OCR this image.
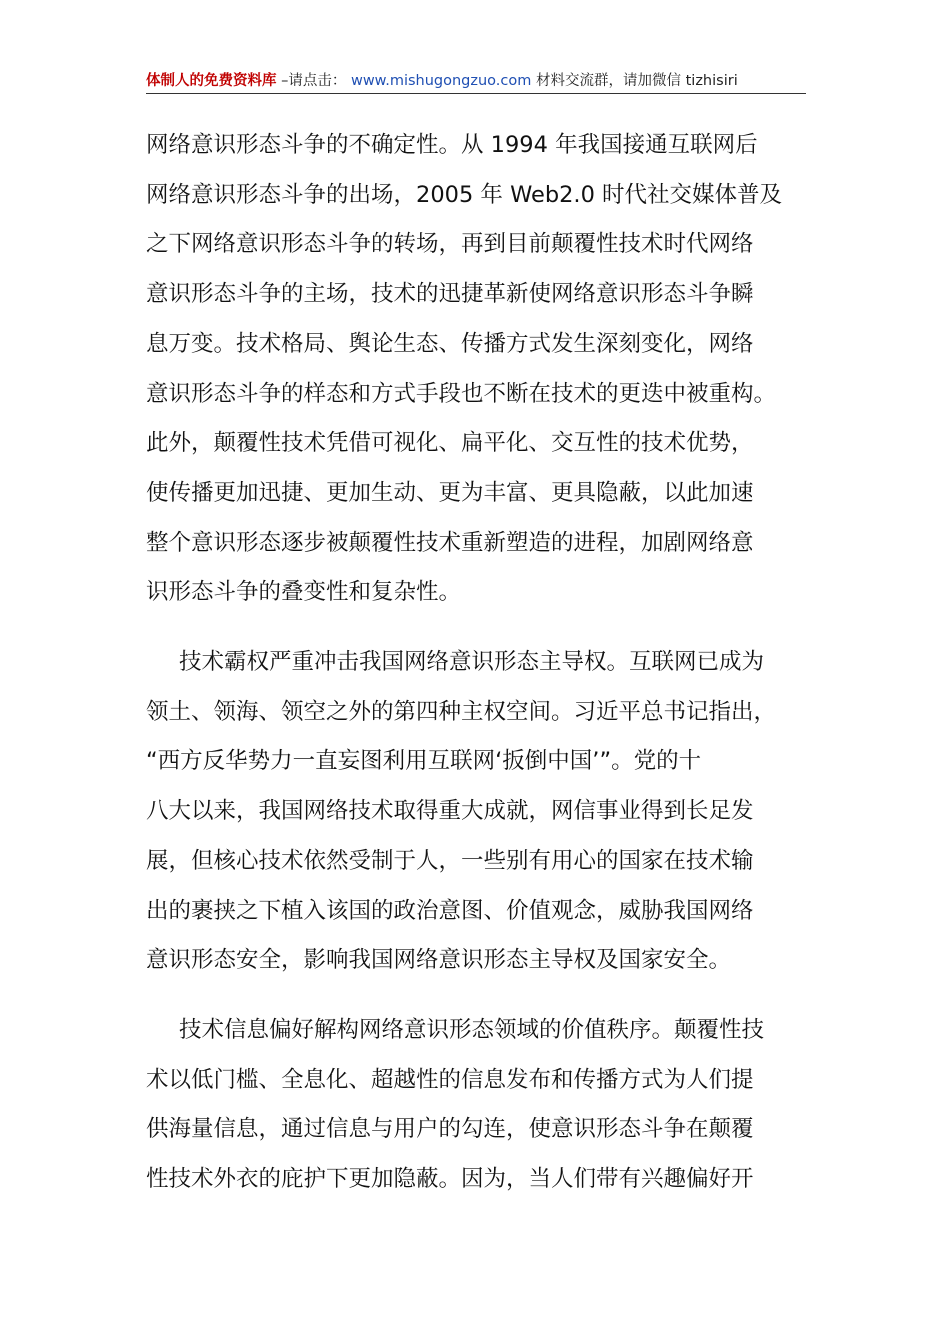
体制人的免费资料库 –请点击： www.mishugongzuo.com 材料交流群，请加微信 tizhisiri
网络意识形态斗争的不确定性。从 1994 年我国接通互联网后
网络意识形态斗争的出场，2005 年 Web2.0 时代社交媒体普及
之下网络意识形态斗争的转场，再到目前颠覆性技术时代网络
意识形态斗争的主场，技术的迅捷革新使网络意识形态斗争瞬
息万变。技术格局、舆论生态、传播方式发生深刻变化，网络
意识形态斗争的样态和方式手段也不断在技术的更迭中被重构。
此外，颠覆性技术凭借可视化、扁平化、交互性的技术优势，
使传播更加迅捷、更加生动、更为丰富、更具隐蔽，以此加速
整个意识形态逐步被颠覆性技术重新塑造的进程，加剧网络意
识形态斗争的叠变性和复杂性。
技术霸权严重冲击我国网络意识形态主导权。互联网已成为
领土、领海、领空之外的第四种主权空间。习近平总书记指出，
“西方反华势力一直妄图利用互联网‘扳倒中国’”。党的十
八大以来，我国网络技术取得重大成就，网信事业得到长足发
展，但核心技术依然受制于人，一些别有用心的国家在技术输
出的裹挟之下植入该国的政治意图、价值观念，威胁我国网络
意识形态安全，影响我国网络意识形态主导权及国家安全。
技术信息偏好解构网络意识形态领域的价值秩序。颠覆性技
术以低门槛、全息化、超越性的信息发布和传播方式为人们提
供海量信息，通过信息与用户的勾连，使意识形态斗争在颠覆
性技术外衣的庇护下更加隐蔽。因为，当人们带有兴趣偏好开
